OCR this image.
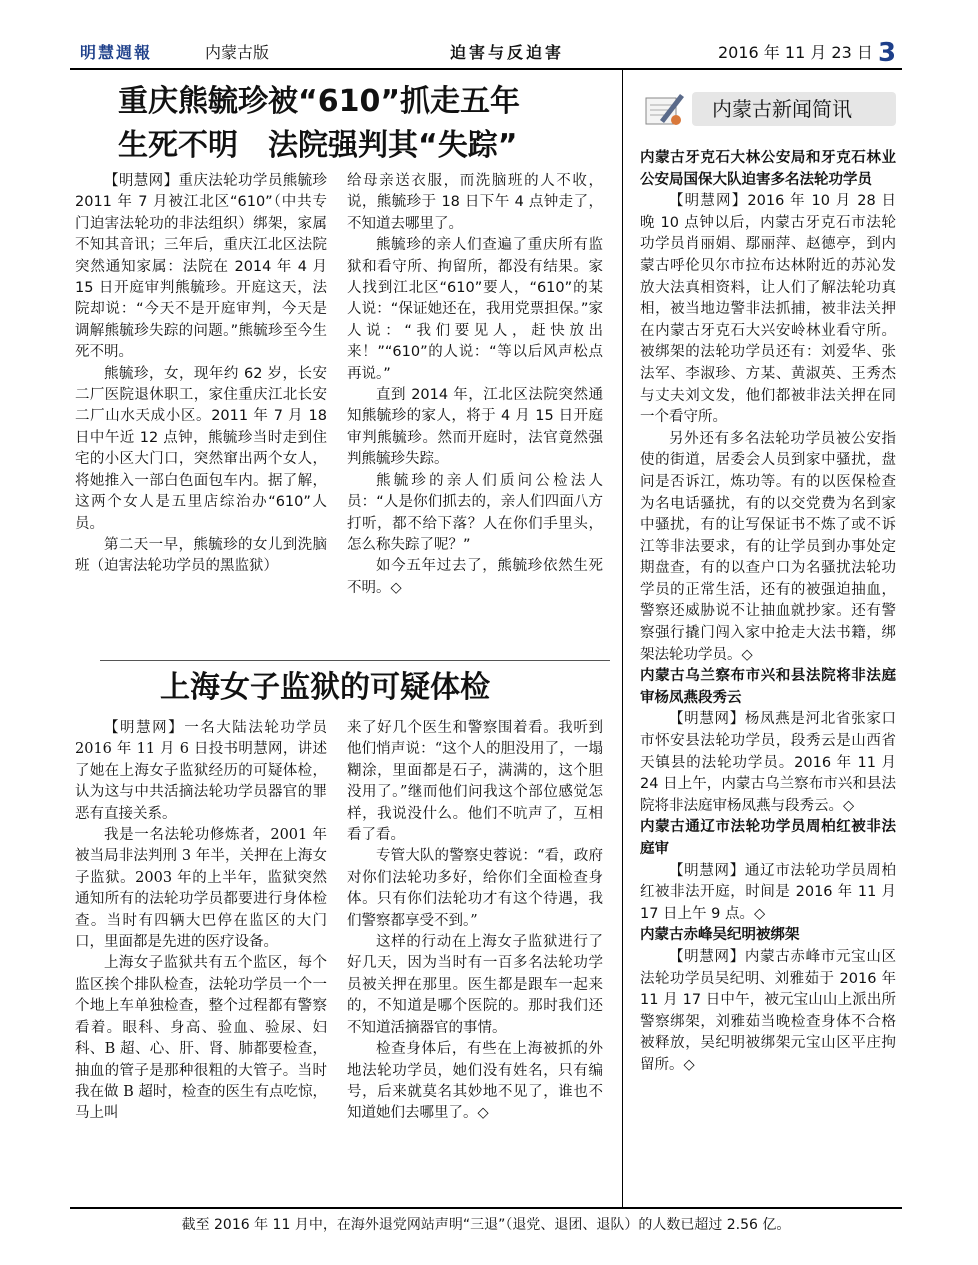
明慧週報	内蒙古版	迫害与反迫害	2016 年 11 月 23 日 3
重庆熊毓珍被“610”抓走五年
生死不明　法院强判其“失踪”

【明慧网】重庆法轮功学员熊毓珍 2011 年 7 月被江北区“610”（中共专门迫害法轮功的非法组织）绑架，家属不知其音讯；三年后，重庆江北区法院突然通知家属：法院在 2014 年 4 月 15 日开庭审判熊毓珍。开庭这天，法院却说：“今天不是开庭审判，今天是调解熊毓珍失踪的问题。”熊毓珍至今生死不明。

熊毓珍，女，现年约 62 岁，长安二厂医院退休职工，家住重庆江北长安二厂山水天成小区。2011 年 7 月 18 日中午近 12 点钟，熊毓珍当时走到住宅的小区大门口，突然窜出两个女人，将她推入一部白色面包车内。据了解，这两个女人是五里店综治办“610”人员。

第二天一早，熊毓珍的女儿到洗脑班（迫害法轮功学员的黑监狱）

给母亲送衣服，而洗脑班的人不收，说，熊毓珍于 18 日下午 4 点钟走了，不知道去哪里了。

熊毓珍的亲人们查遍了重庆所有监狱和看守所、拘留所，都没有结果。家人找到江北区“610”要人，“610”的某人说：“保证她还在，我用党票担保。”家人说：“我们要见人，赶快放出来！”“610”的人说：“等以后风声松点再说。”

直到 2014 年，江北区法院突然通知熊毓珍的家人，将于 4 月 15 日开庭审判熊毓珍。然而开庭时，法官竟然强判熊毓珍失踪。

熊毓珍的亲人们质问公检法人员：“人是你们抓去的，亲人们四面八方打听，都不给下落？人在你们手里头，怎么称失踪了呢？”

如今五年过去了，熊毓珍依然生死不明。◇

上海女子监狱的可疑体检

【明慧网】一名大陆法轮功学员 2016 年 11 月 6 日投书明慧网，讲述了她在上海女子监狱经历的可疑体检，认为这与中共活摘法轮功学员器官的罪恶有直接关系。

我是一名法轮功修炼者，2001 年被当局非法判刑 3 年半，关押在上海女子监狱。2003 年的上半年，监狱突然通知所有的法轮功学员都要进行身体检查。当时有四辆大巴停在监区的大门口，里面都是先进的医疗设备。

上海女子监狱共有五个监区，每个监区挨个排队检查，法轮功学员一个一个地上车单独检查，整个过程都有警察看着。眼科、身高、验血、验尿、妇科、B 超、心、肝、肾、肺都要检查，抽血的管子是那种很粗的大管子。当时我在做 B 超时，检查的医生有点吃惊，马上叫

来了好几个医生和警察围着看。我听到他们悄声说：“这个人的胆没用了，一塌糊涂，里面都是石子，满满的，这个胆没用了。”继而他们问我这个部位感觉怎样，我说没什么。他们不吭声了，互相看了看。

专管大队的警察史蓉说：“看，政府对你们法轮功多好，给你们全面检查身体。只有你们法轮功才有这个待遇，我们警察都享受不到。”

这样的行动在上海女子监狱进行了好几天，因为当时有一百多名法轮功学员被关押在那里。医生都是跟车一起来的，不知道是哪个医院的。那时我们还不知道活摘器官的事情。

检查身体后，有些在上海被抓的外地法轮功学员，她们没有姓名，只有编号，后来就莫名其妙地不见了，谁也不知道她们去哪里了。◇

内蒙古新闻简讯
内蒙古牙克石大林公安局和牙克石林业公安局国保大队迫害多名法轮功学员

【明慧网】2016 年 10 月 28 日晚 10 点钟以后，内蒙古牙克石市法轮功学员肖丽娟、鄢丽萍、赵德亭，到内蒙古呼伦贝尔市拉布达林附近的苏沁发放大法真相资料，让人们了解法轮功真相，被当地边警非法抓捕，被非法关押在内蒙古牙克石大兴安岭林业看守所。被绑架的法轮功学员还有：刘爱华、张法军、李淑珍、方某、黄淑英、王秀杰与丈夫刘文发，他们都被非法关押在同一个看守所。

另外还有多名法轮功学员被公安指使的街道，居委会人员到家中骚扰，盘问是否诉江，炼功等。有的以医保检查为名电话骚扰，有的以交党费为名到家中骚扰，有的让写保证书不炼了或不诉江等非法要求，有的让学员到办事处定期盘查，有的以查户口为名骚扰法轮功学员的正常生活，还有的被强迫抽血，警察还威胁说不让抽血就抄家。还有警察强行撬门闯入家中抢走大法书籍，绑架法轮功学员。◇

内蒙古乌兰察布市兴和县法院将非法庭审杨凤燕段秀云

【明慧网】杨凤燕是河北省张家口市怀安县法轮功学员，段秀云是山西省天镇县的法轮功学员。2016 年 11 月 24 日上午，内蒙古乌兰察布市兴和县法院将非法庭审杨凤燕与段秀云。◇

内蒙古通辽市法轮功学员周柏红被非法庭审

【明慧网】通辽市法轮功学员周柏红被非法开庭，时间是 2016 年 11 月 17 日上午 9 点。◇

内蒙古赤峰吴纪明被绑架

【明慧网】内蒙古赤峰市元宝山区法轮功学员吴纪明、刘雅茹于 2016 年 11 月 17 日中午，被元宝山山上派出所警察绑架，刘雅茹当晚检查身体不合格被释放，吴纪明被绑架元宝山区平庄拘留所。◇

截至 2016 年 11 月中，在海外退党网站声明“三退”（退党、退团、退队）的人数已超过 2.56 亿。
